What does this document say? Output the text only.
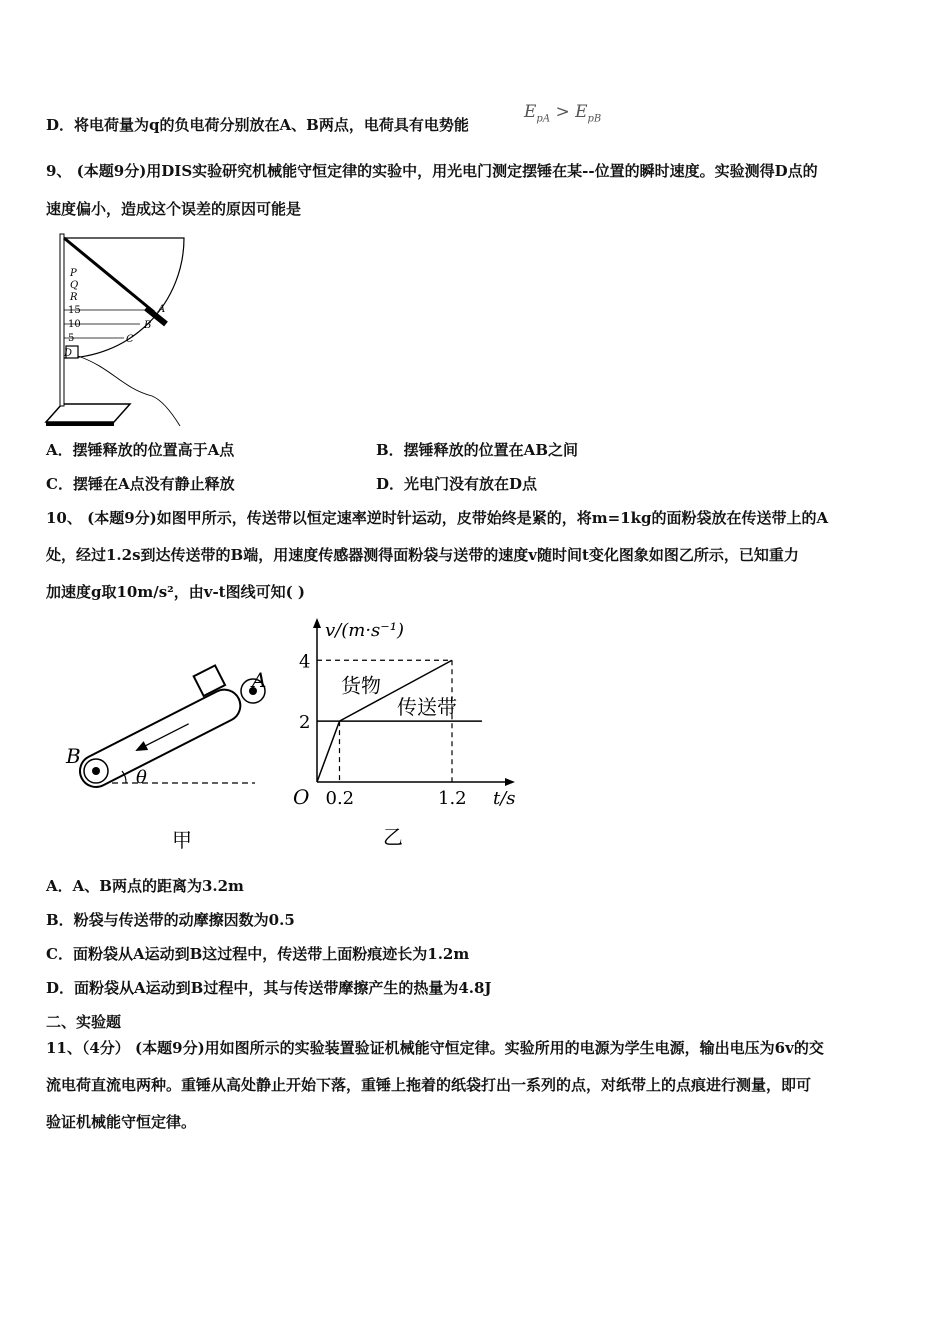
D．将电荷量为q的负电荷分别放在A、B两点，电荷具有电势能
$E_{pA} > E_{pB}$
9、 (本题9分)用DIS实验研究机械能守恒定律的实验中，用光电门测定摆锤在某--位置的瞬时速度。实验测得D点的
速度偏小，造成这个误差的原因可能是
P
Q
R
15
10
5
A
B
C
D
A．摆锤释放的位置高于A点	B．摆锤释放的位置在AB之间
C．摆锤在A点没有静止释放	D．光电门没有放在D点
10、 (本题9分)如图甲所示，传送带以恒定速率逆时针运动，皮带始终是紧的，将m=1kg的面粉袋放在传送带上的A
处，经过1.2s到达传送带的B端，用速度传感器测得面粉袋与送带的速度v随时间t变化图象如图乙所示，已知重力
加速度g取10m/s²，由v-t图线可知( )
B
A
θ
甲
v/(m·s⁻¹)
t/s
O 0.2	1.2
2
4
乙
货物
传送带
A．A、B两点的距离为3.2m
B．粉袋与传送带的动摩擦因数为0.5
C．面粉袋从A运动到B这过程中，传送带上面粉痕迹长为1.2m
D．面粉袋从A运动到B过程中，其与传送带摩擦产生的热量为4.8J
二、实验题
11、（4分） (本题9分)用如图所示的实验装置验证机械能守恒定律。实验所用的电源为学生电源，输出电压为6v的交
流电荷直流电两种。重锤从高处静止开始下落，重锤上拖着的纸袋打出一系列的点，对纸带上的点痕进行测量，即可
验证机械能守恒定律。
